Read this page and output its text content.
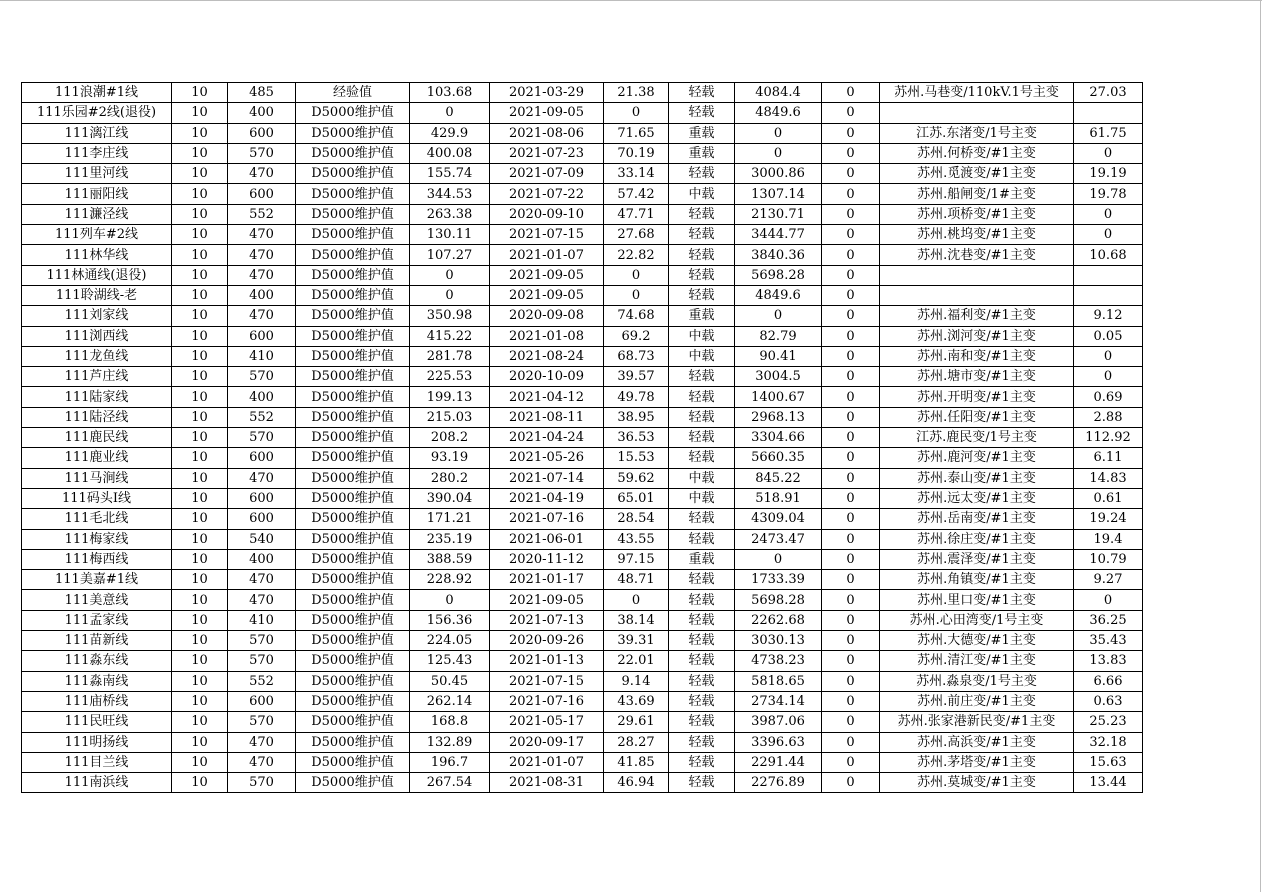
111浪潮#1线	10	485	经验值	103.68	2021-03-29	21.38	轻载	4084.4	0	苏州.马巷变/110kV.1号主变	27.03
111乐园#2线(退役)	10	400	D5000维护值	0	2021-09-05	0	轻载	4849.6	0		
111漓江线	10	600	D5000维护值	429.9	2021-08-06	71.65	重载	0	0	江苏.东渚变/1号主变	61.75
111李庄线	10	570	D5000维护值	400.08	2021-07-23	70.19	重载	0	0	苏州.何桥变/#1主变	0
111里河线	10	470	D5000维护值	155.74	2021-07-09	33.14	轻载	3000.86	0	苏州.觅渡变/#1主变	19.19
111丽阳线	10	600	D5000维护值	344.53	2021-07-22	57.42	中载	1307.14	0	苏州.船闸变/1#主变	19.78
111濂泾线	10	552	D5000维护值	263.38	2020-09-10	47.71	轻载	2130.71	0	苏州.项桥变/#1主变	0
111列车#2线	10	470	D5000维护值	130.11	2021-07-15	27.68	轻载	3444.77	0	苏州.桃坞变/#1主变	0
111林华线	10	470	D5000维护值	107.27	2021-01-07	22.82	轻载	3840.36	0	苏州.沈巷变/#1主变	10.68
111林通线(退役)	10	470	D5000维护值	0	2021-09-05	0	轻载	5698.28	0		
111聆湖线-老	10	400	D5000维护值	0	2021-09-05	0	轻载	4849.6	0		
111刘家线	10	470	D5000维护值	350.98	2020-09-08	74.68	重载	0	0	苏州.福利变/#1主变	9.12
111浏西线	10	600	D5000维护值	415.22	2021-01-08	69.2	中载	82.79	0	苏州.浏河变/#1主变	0.05
111龙鱼线	10	410	D5000维护值	281.78	2021-08-24	68.73	中载	90.41	0	苏州.南和变/#1主变	0
111芦庄线	10	570	D5000维护值	225.53	2020-10-09	39.57	轻载	3004.5	0	苏州.塘市变/#1主变	0
111陆家线	10	400	D5000维护值	199.13	2021-04-12	49.78	轻载	1400.67	0	苏州.开明变/#1主变	0.69
111陆泾线	10	552	D5000维护值	215.03	2021-08-11	38.95	轻载	2968.13	0	苏州.任阳变/#1主变	2.88
111鹿民线	10	570	D5000维护值	208.2	2021-04-24	36.53	轻载	3304.66	0	江苏.鹿民变/1号主变	112.92
111鹿业线	10	600	D5000维护值	93.19	2021-05-26	15.53	轻载	5660.35	0	苏州.鹿河变/#1主变	6.11
111马涧线	10	470	D5000维护值	280.2	2021-07-14	59.62	中载	845.22	0	苏州.泰山变/#1主变	14.83
111码头I线	10	600	D5000维护值	390.04	2021-04-19	65.01	中载	518.91	0	苏州.远太变/#1主变	0.61
111毛北线	10	600	D5000维护值	171.21	2021-07-16	28.54	轻载	4309.04	0	苏州.岳南变/#1主变	19.24
111梅家线	10	540	D5000维护值	235.19	2021-06-01	43.55	轻载	2473.47	0	苏州.徐庄变/#1主变	19.4
111梅西线	10	400	D5000维护值	388.59	2020-11-12	97.15	重载	0	0	苏州.震泽变/#1主变	10.79
111美嘉#1线	10	470	D5000维护值	228.92	2021-01-17	48.71	轻载	1733.39	0	苏州.角镇变/#1主变	9.27
111美意线	10	470	D5000维护值	0	2021-09-05	0	轻载	5698.28	0	苏州.里口变/#1主变	0
111孟家线	10	410	D5000维护值	156.36	2021-07-13	38.14	轻载	2262.68	0	苏州.心田湾变/1号主变	36.25
111苗新线	10	570	D5000维护值	224.05	2020-09-26	39.31	轻载	3030.13	0	苏州.大德变/#1主变	35.43
111淼东线	10	570	D5000维护值	125.43	2021-01-13	22.01	轻载	4738.23	0	苏州.清江变/#1主变	13.83
111淼南线	10	552	D5000维护值	50.45	2021-07-15	9.14	轻载	5818.65	0	苏州.淼泉变/1号主变	6.66
111庙桥线	10	600	D5000维护值	262.14	2021-07-16	43.69	轻载	2734.14	0	苏州.前庄变/#1主变	0.63
111民旺线	10	570	D5000维护值	168.8	2021-05-17	29.61	轻载	3987.06	0	苏州.张家港新民变/#1主变	25.23
111明扬线	10	470	D5000维护值	132.89	2020-09-17	28.27	轻载	3396.63	0	苏州.高浜变/#1主变	32.18
111目兰线	10	470	D5000维护值	196.7	2021-01-07	41.85	轻载	2291.44	0	苏州.茅塔变/#1主变	15.63
111南浜线	10	570	D5000维护值	267.54	2021-08-31	46.94	轻载	2276.89	0	苏州.莫城变/#1主变	13.44
